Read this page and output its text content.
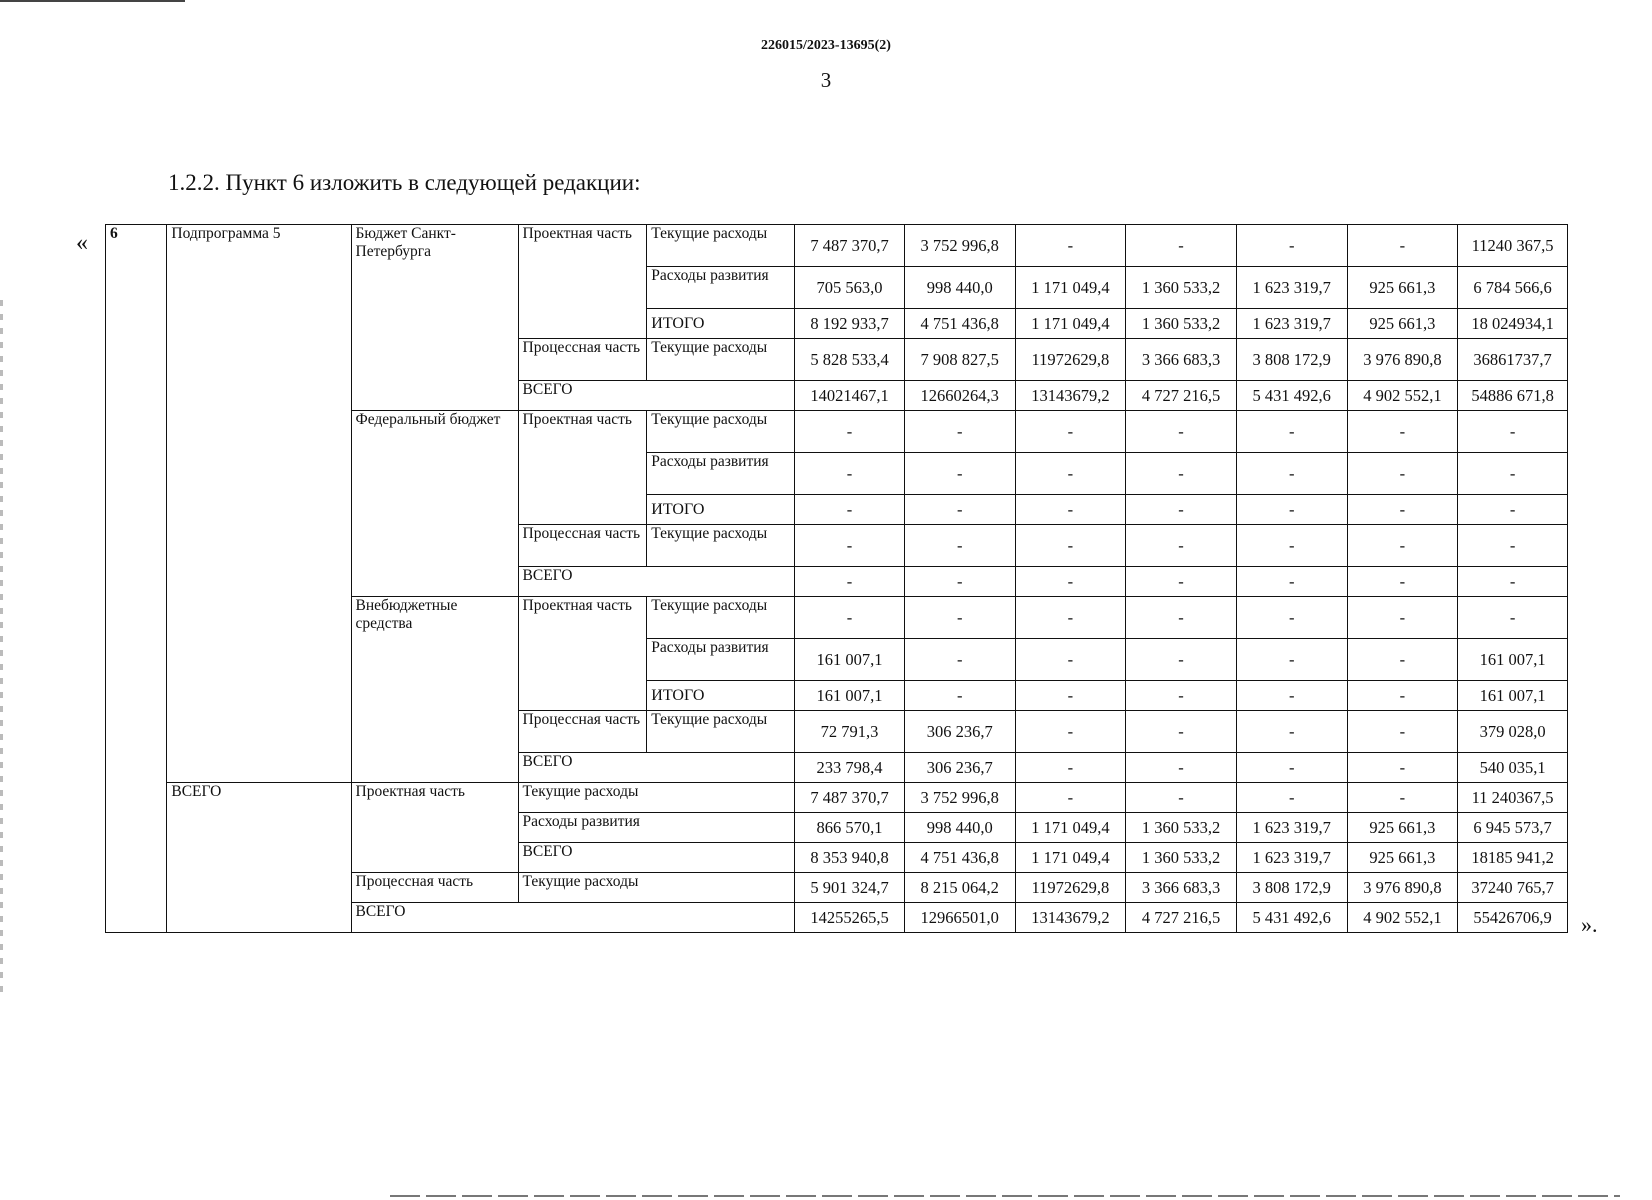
226015/2023-13695(2)
3
1.2.2. Пункт 6 изложить в следующей редакции:
«
».
6	Подпрограмма 5	Бюджет Санкт-Петербурга	Проектная часть	Текущие расходы	7 487 370,7	3 752 996,8	-	-	-	-	11240 367,5
				Расходы развития	705 563,0	998 440,0	1 171 049,4	1 360 533,2	1 623 319,7	925 661,3	6 784 566,6
				ИТОГО	8 192 933,7	4 751 436,8	1 171 049,4	1 360 533,2	1 623 319,7	925 661,3	18 024934,1
			Процессная часть	Текущие расходы	5 828 533,4	7 908 827,5	11972629,8	3 366 683,3	3 808 172,9	3 976 890,8	36861737,7
			ВСЕГО		14021467,1	12660264,3	13143679,2	4 727 216,5	5 431 492,6	4 902 552,1	54886 671,8
		Федеральный бюджет	Проектная часть	Текущие расходы	-	-	-	-	-	-	-
				Расходы развития	-	-	-	-	-	-	-
				ИТОГО	-	-	-	-	-	-	-
			Процессная часть	Текущие расходы	-	-	-	-	-	-	-
			ВСЕГО		-	-	-	-	-	-	-
		Внебюджетные средства	Проектная часть	Текущие расходы	-	-	-	-	-	-	-
				Расходы развития	161 007,1	-	-	-	-	-	161 007,1
				ИТОГО	161 007,1	-	-	-	-	-	161 007,1
			Процессная часть	Текущие расходы	72 791,3	306 236,7	-	-	-	-	379 028,0
			ВСЕГО		233 798,4	306 236,7	-	-	-	-	540 035,1
	ВСЕГО	Проектная часть	Текущие расходы		7 487 370,7	3 752 996,8	-	-	-	-	11 240367,5
			Расходы развития		866 570,1	998 440,0	1 171 049,4	1 360 533,2	1 623 319,7	925 661,3	6 945 573,7
			ВСЕГО		8 353 940,8	4 751 436,8	1 171 049,4	1 360 533,2	1 623 319,7	925 661,3	18185 941,2
		Процессная часть	Текущие расходы		5 901 324,7	8 215 064,2	11972629,8	3 366 683,3	3 808 172,9	3 976 890,8	37240 765,7
		ВСЕГО			14255265,5	12966501,0	13143679,2	4 727 216,5	5 431 492,6	4 902 552,1	55426706,9
